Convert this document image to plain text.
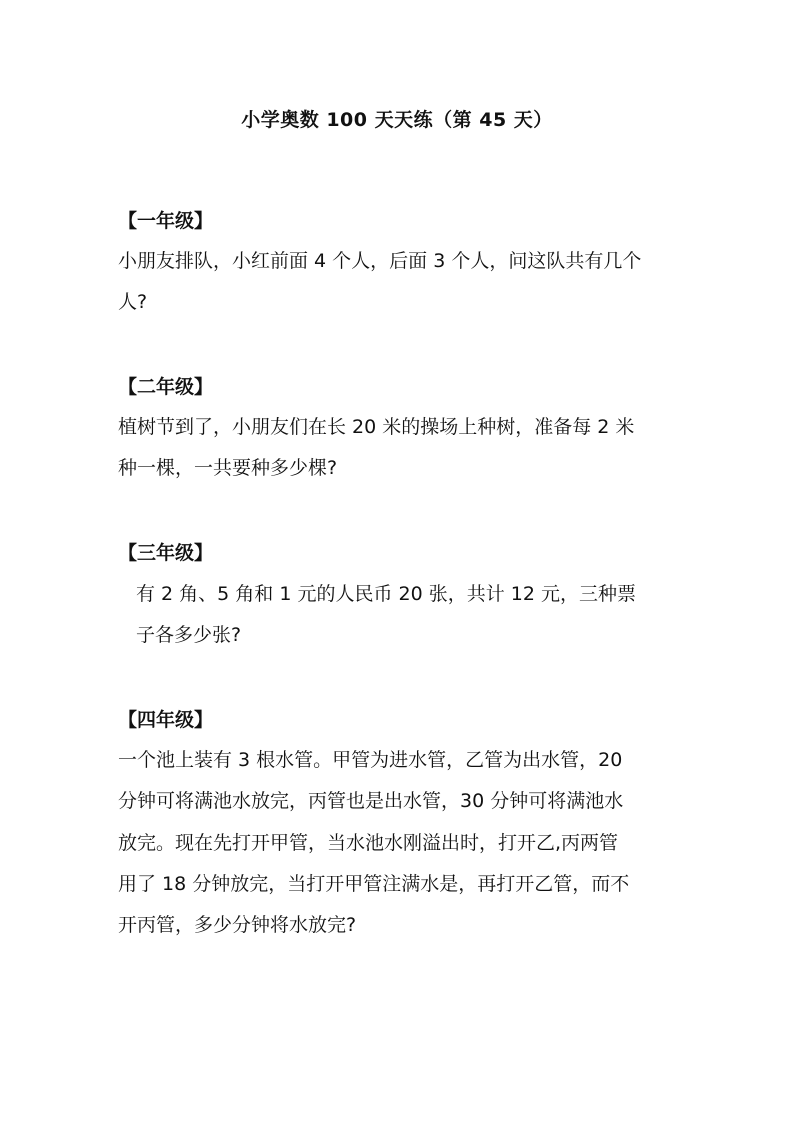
小学奥数 100 天天练（第 45 天）
【一年级】
小朋友排队，小红前面 4 个人，后面 3 个人，问这队共有几个
人?
【二年级】
植树节到了，小朋友们在长 20 米的操场上种树，准备每 2 米
种一棵，一共要种多少棵?
【三年级】
有 2 角、5 角和 1 元的人民币 20 张，共计 12 元，三种票
子各多少张?
【四年级】
一个池上装有 3 根水管。甲管为进水管，乙管为出水管，20
分钟可将满池水放完，丙管也是出水管，30 分钟可将满池水
放完。现在先打开甲管，当水池水刚溢出时，打开乙,丙两管
用了 18 分钟放完，当打开甲管注满水是，再打开乙管，而不
开丙管，多少分钟将水放完?
